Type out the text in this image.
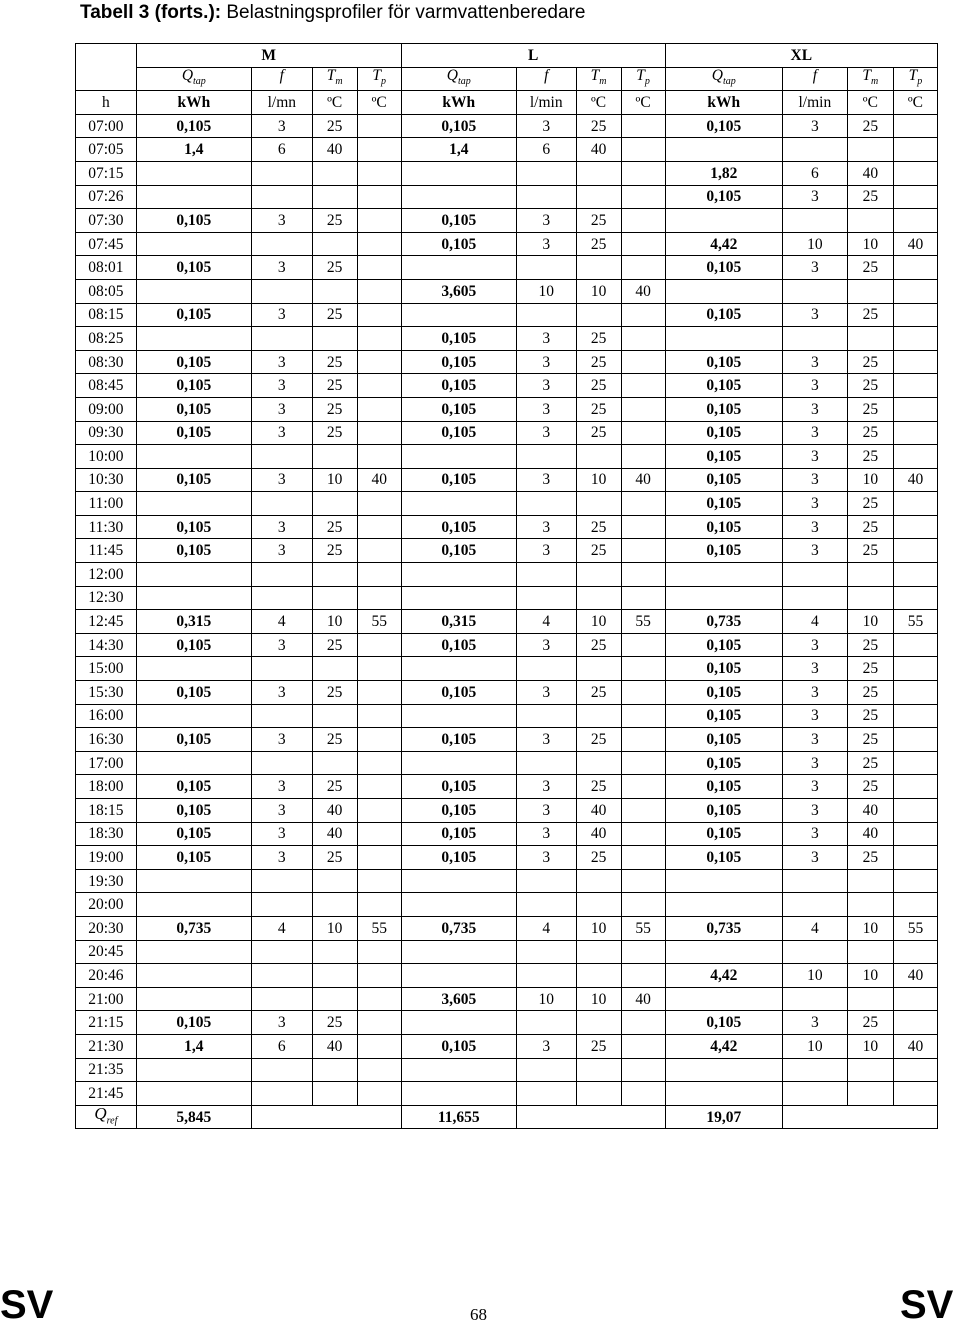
Tabell 3 (forts.): Belastningsprofiler för varmvattenberedare
	M				L				XL			
	$Q_{tap}$	f	$T_m$	$T_p$	$Q_{tap}$	f	$T_m$	$T_p$	$Q_{tap}$	f	$T_m$	$T_p$
h	kWh	l/mn	ºC	ºC	kWh	l/min	ºC	ºC	kWh	l/min	ºC	ºC
07:00	0,105	3	25		0,105	3	25		0,105	3	25	
07:05	1,4	6	40		1,4	6	40					
07:15									1,82	6	40	
07:26									0,105	3	25	
07:30	0,105	3	25		0,105	3	25					
07:45					0,105	3	25		4,42	10	10	40
08:01	0,105	3	25						0,105	3	25	
08:05					3,605	10	10	40				
08:15	0,105	3	25						0,105	3	25	
08:25					0,105	3	25					
08:30	0,105	3	25		0,105	3	25		0,105	3	25	
08:45	0,105	3	25		0,105	3	25		0,105	3	25	
09:00	0,105	3	25		0,105	3	25		0,105	3	25	
09:30	0,105	3	25		0,105	3	25		0,105	3	25	
10:00									0,105	3	25	
10:30	0,105	3	10	40	0,105	3	10	40	0,105	3	10	40
11:00									0,105	3	25	
11:30	0,105	3	25		0,105	3	25		0,105	3	25	
11:45	0,105	3	25		0,105	3	25		0,105	3	25	
12:00												
12:30												
12:45	0,315	4	10	55	0,315	4	10	55	0,735	4	10	55
14:30	0,105	3	25		0,105	3	25		0,105	3	25	
15:00									0,105	3	25	
15:30	0,105	3	25		0,105	3	25		0,105	3	25	
16:00									0,105	3	25	
16:30	0,105	3	25		0,105	3	25		0,105	3	25	
17:00									0,105	3	25	
18:00	0,105	3	25		0,105	3	25		0,105	3	25	
18:15	0,105	3	40		0,105	3	40		0,105	3	40	
18:30	0,105	3	40		0,105	3	40		0,105	3	40	
19:00	0,105	3	25		0,105	3	25		0,105	3	25	
19:30												
20:00												
20:30	0,735	4	10	55	0,735	4	10	55	0,735	4	10	55
20:45												
20:46									4,42	10	10	40
21:00					3,605	10	10	40				
21:15	0,105	3	25						0,105	3	25	
21:30	1,4	6	40		0,105	3	25		4,42	10	10	40
21:35												
21:45												
$Q_{ref}$	5,845				11,655				19,07			
SV	SV
68
